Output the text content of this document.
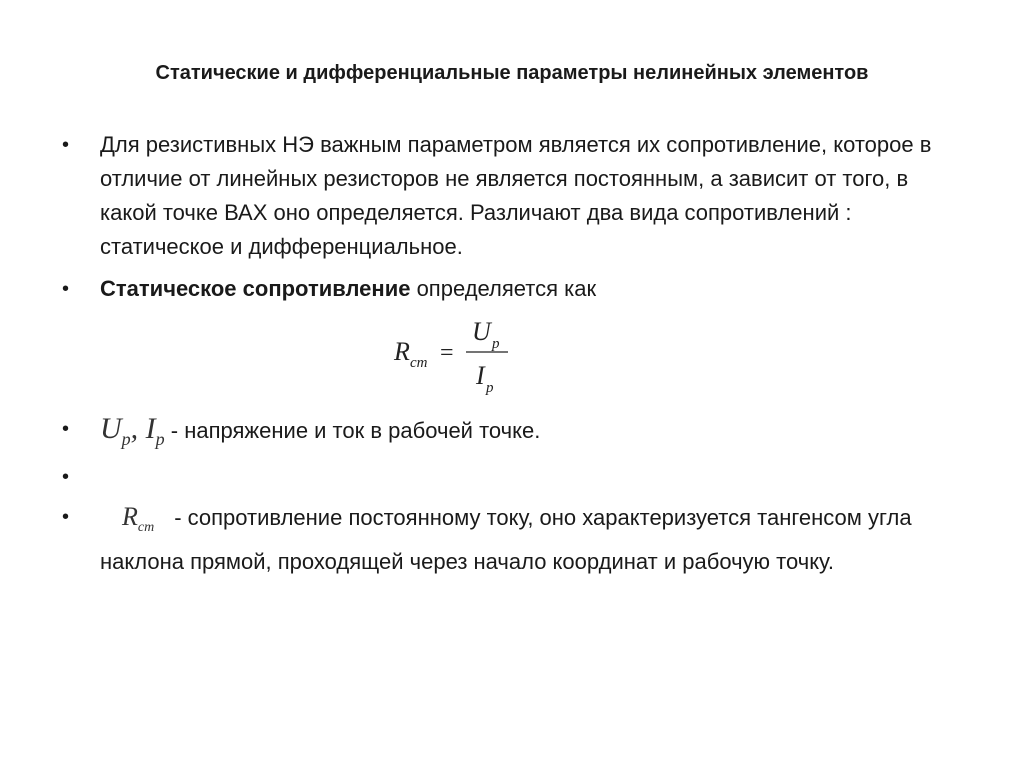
Статические и дифференциальные параметры нелинейных элементов
•	Для резистивных НЭ важным параметром является их сопротивление, которое в отличие от линейных резисторов не является постоянным, а зависит от того, в какой точке ВАХ оно определяется. Различают два вида сопротивлений : статическое и дифференциальное.
•	Статическое сопротивление определяется как
R ст =
U p
I p
•	$U_p$, $I_p$ - напряжение и ток в рабочей точке.
•
•	$R_{ст}$ - сопротивление постоянному току, оно характеризуется тангенсом угла наклона прямой, проходящей через начало координат и рабочую точку.
